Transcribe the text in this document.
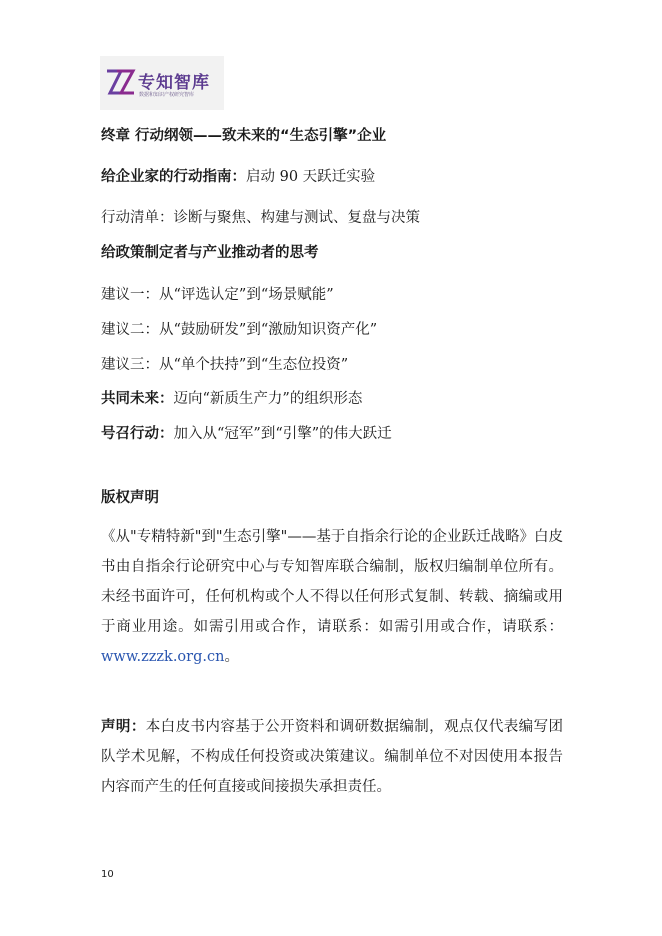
专知智库
数据和知识产权研究智库
终章 行动纲领——致未来的“生态引擎”企业
给企业家的行动指南：启动 90 天跃迁实验
行动清单：诊断与聚焦、构建与测试、复盘与决策
给政策制定者与产业推动者的思考
建议一：从“评选认定”到“场景赋能”
建议二：从“鼓励研发”到“激励知识资产化”
建议三：从“单个扶持”到“生态位投资”
共同未来：迈向“新质生产力”的组织形态
号召行动：加入从“冠军”到“引擎”的伟大跃迁
版权声明
《从"专精特新"到"生态引擎"——基于自指余行论的企业跃迁战略》白皮书由自指余行论研究中心与专知智库联合编制，版权归编制单位所有。未经书面许可，任何机构或个人不得以任何形式复制、转载、摘编或用于商业用途。如需引用或合作，请联系：如需引用或合作，请联系：www.zzzk.org.cn。
声明：本白皮书内容基于公开资料和调研数据编制，观点仅代表编写团队学术见解，不构成任何投资或决策建议。编制单位不对因使用本报告内容而产生的任何直接或间接损失承担责任。
10
